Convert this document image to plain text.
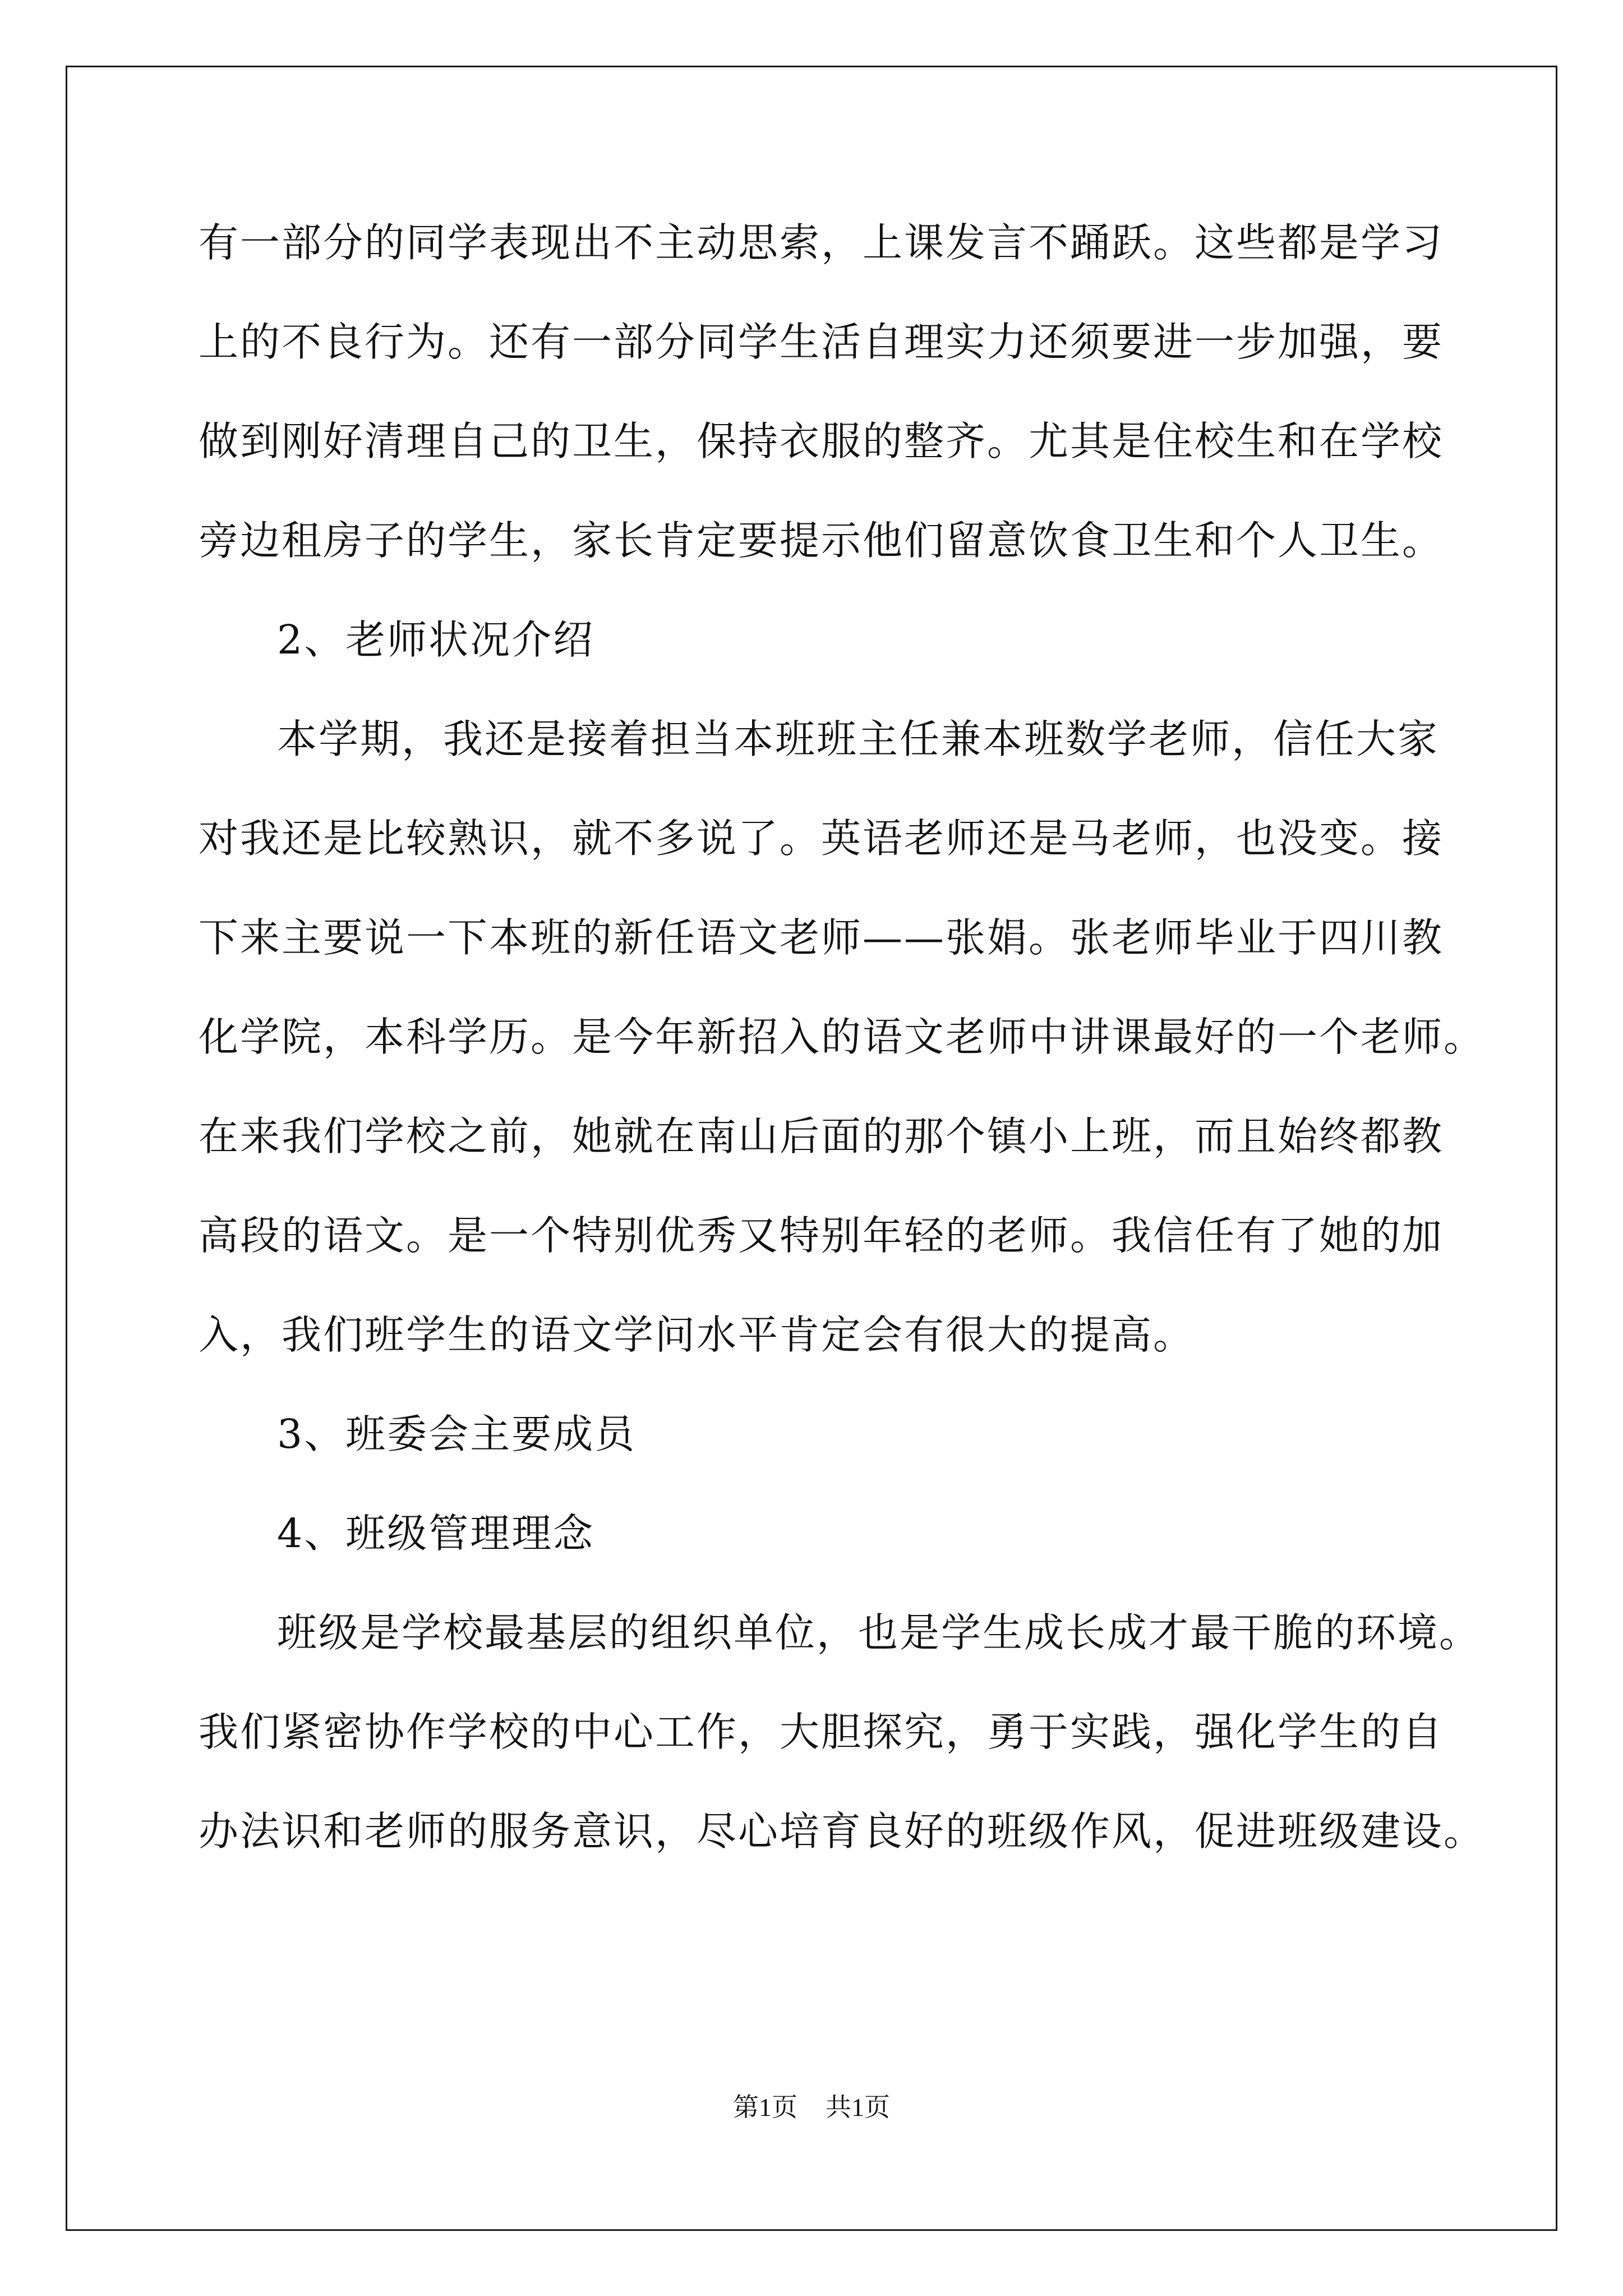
有一部分的同学表现出不主动思索，上课发言不踊跃。这些都是学习
上的不良行为。还有一部分同学生活自理实力还须要进一步加强，要
做到刚好清理自己的卫生，保持衣服的整齐。尤其是住校生和在学校
旁边租房子的学生，家长肯定要提示他们留意饮食卫生和个人卫生。
2、老师状况介绍
本学期，我还是接着担当本班班主任兼本班数学老师，信任大家
对我还是比较熟识，就不多说了。英语老师还是马老师，也没变。接
下来主要说一下本班的新任语文老师——张娟。张老师毕业于四川教
化学院，本科学历。是今年新招入的语文老师中讲课最好的一个老师。
在来我们学校之前，她就在南山后面的那个镇小上班，而且始终都教
高段的语文。是一个特别优秀又特别年轻的老师。我信任有了她的加
入，我们班学生的语文学问水平肯定会有很大的提高。
3、班委会主要成员
4、班级管理理念
班级是学校最基层的组织单位，也是学生成长成才最干脆的环境。
我们紧密协作学校的中心工作，大胆探究，勇于实践，强化学生的自
办法识和老师的服务意识，尽心培育良好的班级作风，促进班级建设。
第1页 共1页
